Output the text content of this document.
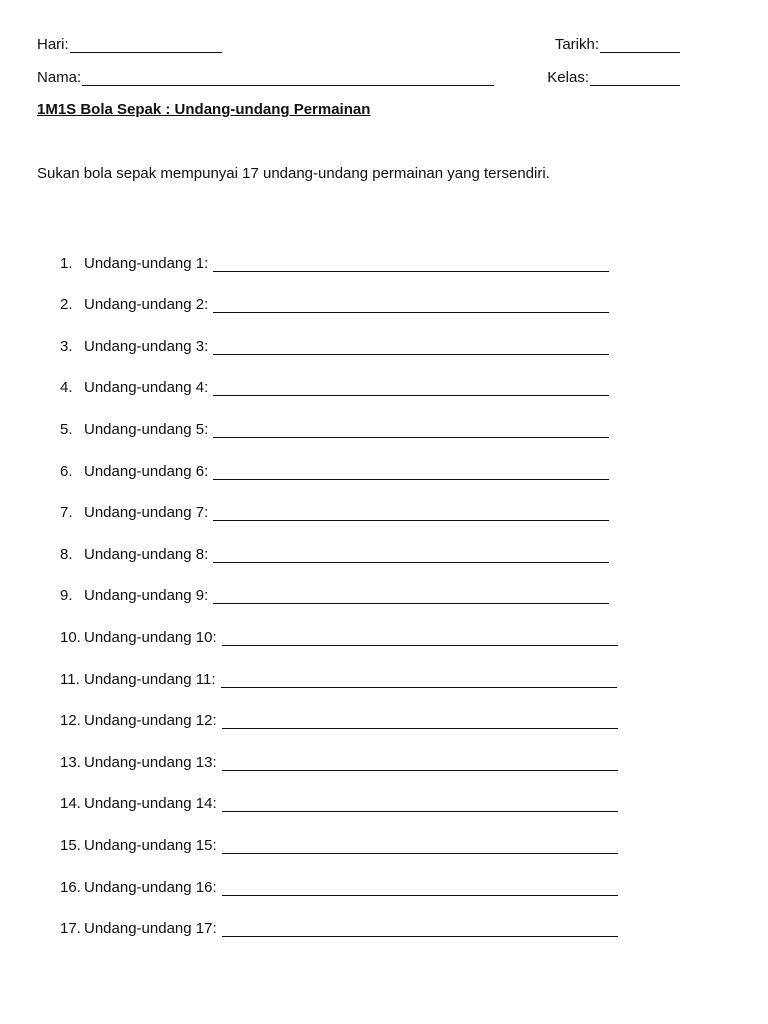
Hari:	Tarikh:
Nama:	Kelas:
1M1S Bola Sepak : Undang-undang Permainan
Sukan bola sepak mempunyai 17 undang-undang permainan yang tersendiri.
1. Undang-undang 1:
2. Undang-undang 2:
3. Undang-undang 3:
4. Undang-undang 4:
5. Undang-undang 5:
6. Undang-undang 6:
7. Undang-undang 7:
8. Undang-undang 8:
9. Undang-undang 9:
10. Undang-undang 10:
11. Undang-undang 11:
12. Undang-undang 12:
13. Undang-undang 13:
14. Undang-undang 14:
15. Undang-undang 15:
16. Undang-undang 16:
17. Undang-undang 17:
